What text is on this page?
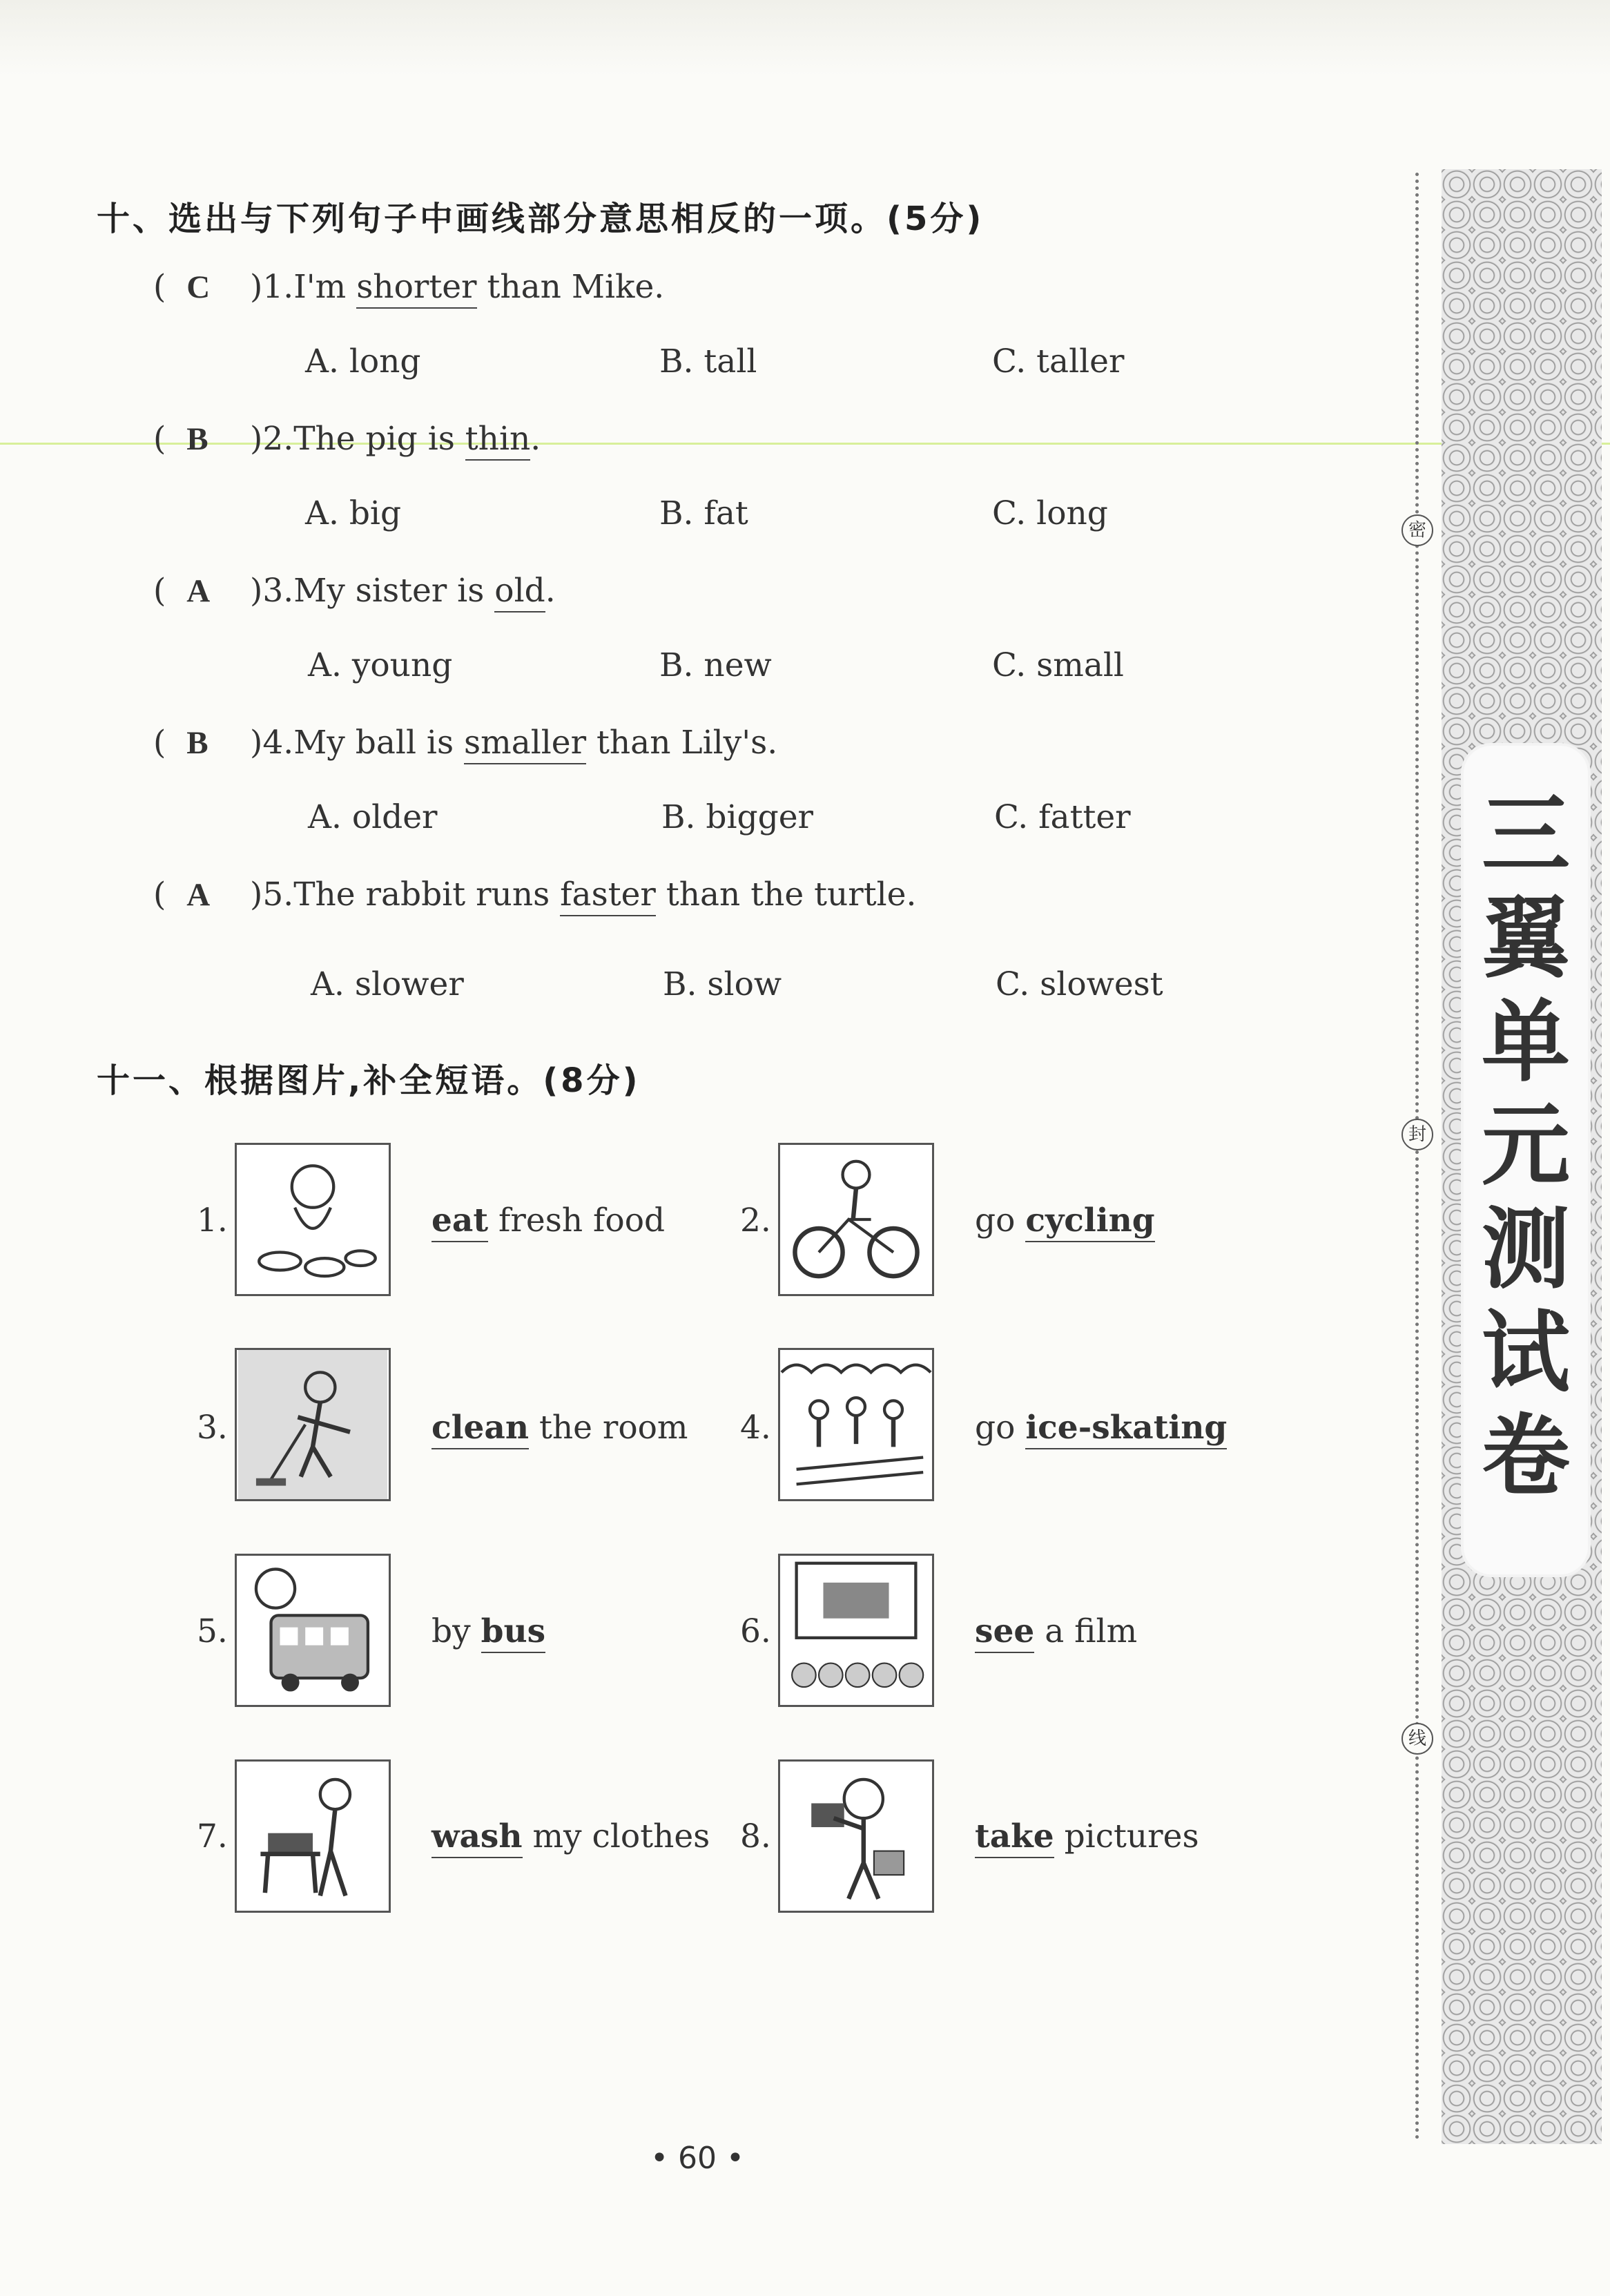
十、选出与下列句子中画线部分意思相反的一项。(5分)
(  C )1.I'm shorter than Mike.
A. long	B. tall	C. taller
(  B )2.The pig is thin.
A. big	B. fat	C. long
(  A )3.My sister is old.
A. young	B. new	C. small
(  B )4.My ball is smaller than Lily's.
A. older	B. bigger	C. fatter
(  A )5.The rabbit runs faster than the turtle.
A. slower	B. slow	C. slowest
十一、根据图片,补全短语。(8分)
1.	eat fresh food 2.	go cycling
3.	clean the room 4.	go ice-skating
5.	by bus	6.	see a film
7.	wash my clothes 8.	take pictures
• 60 •
密
封
线
三
翼
单
元
测
试
卷
